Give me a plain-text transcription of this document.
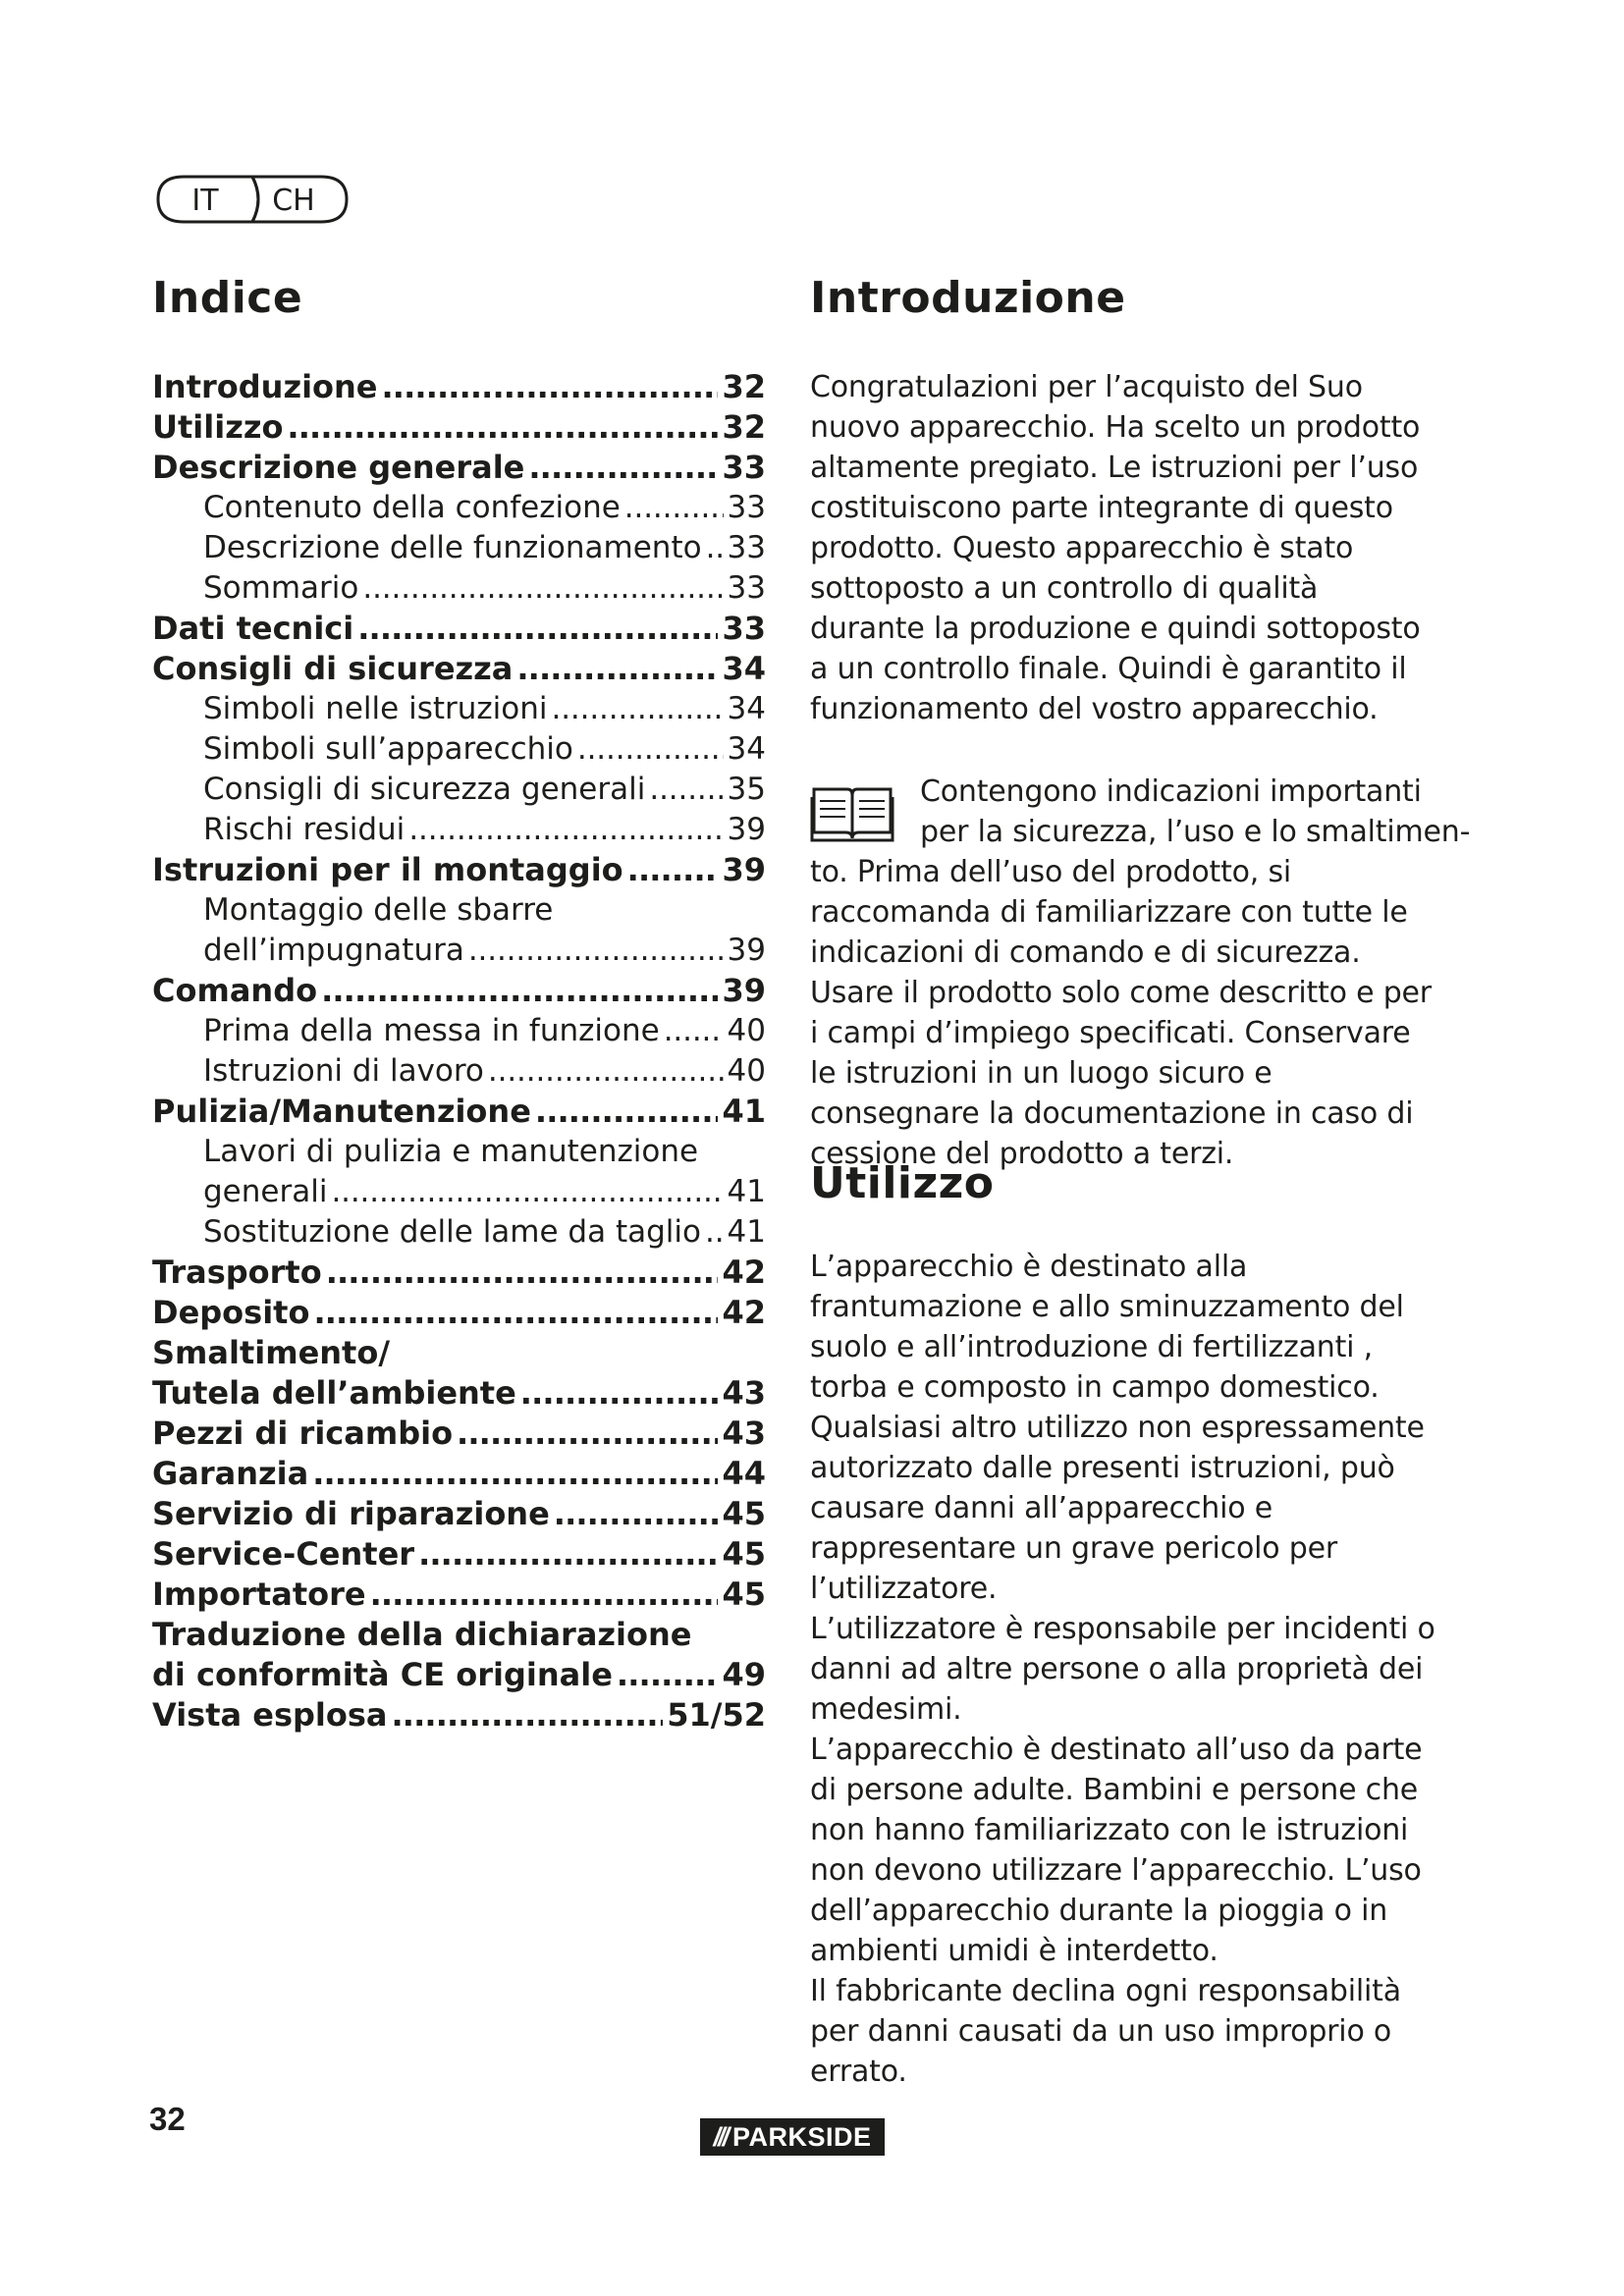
IT CH
Indice
Introduzione . . .	32
Utilizzo . . .	32
Descrizione generale . . .	33
Contenuto della confezione . . .	33
Descrizione delle funzionamento . . . 33
Sommario . . .	33
Dati tecnici . . .	33
Consigli di sicurezza . . .	34
Simboli nelle istruzioni . . .	34
Simboli sull’apparecchio . . .	34
Consigli di sicurezza generali . . .	35
Rischi residui . . .	39
Istruzioni per il montaggio . . .	39
Montaggio delle sbarre
dell’impugnatura . . .	39
Comando . . .	39
Prima della messa in funzione . . . 40
Istruzioni di lavoro . . .	40
Pulizia/Manutenzione . . .	41
Lavori di pulizia e manutenzione
generali . . .	41
Sostituzione delle lame da taglio . . . 41
Trasporto . . .	42
Deposito . . .	42
Smaltimento/
Tutela dell’ambiente . . .	43
Pezzi di ricambio . . .	43
Garanzia . . .	44
Servizio di riparazione . . .	45
Service-Center . . .	45
Importatore . . .	45
Traduzione della dichiarazione
di conformità CE originale . . .	49
Vista esplosa . . .	51/52
Introduzione

Congratulazioni per l’acquisto del Suo nuovo apparecchio. Ha scelto un prodotto altamente pregiato. Le istruzioni per l’uso costituiscono parte integrante di questo prodotto. Questo apparecchio è stato sottoposto a un controllo di qualità durante la produzione e quindi sottoposto a un controllo finale. Quindi è garantito il funzionamento del vostro apparecchio.

Contengono indicazioni importanti
per la sicurezza, l’uso e lo smaltimen-

to. Prima dell’uso del prodotto, si raccomanda di familiarizzare con tutte le indicazioni di comando e di sicurezza. Usare il prodotto solo come descritto e per i campi d’impiego specificati. Conservare le istruzioni in un luogo sicuro e consegnare la documentazione in caso di cessione del prodotto a terzi.

Utilizzo

L’apparecchio è destinato alla frantumazione e allo sminuzzamento del suolo e all’introduzione di fertilizzanti , torba e composto in campo domestico.

Qualsiasi altro utilizzo non espressamente autorizzato dalle presenti istruzioni, può causare danni all’apparecchio e rappresentare un grave pericolo per l’utilizzatore.

L’utilizzatore è responsabile per incidenti o danni ad altre persone o alla proprietà dei medesimi.

L’apparecchio è destinato all’uso da parte di persone adulte. Bambini e persone che non hanno familiarizzato con le istruzioni non devono utilizzare l’apparecchio. L’uso dell’apparecchio durante la pioggia o in ambienti umidi è interdetto.

Il fabbricante declina ogni responsabilità per danni causati da un uso improprio o errato.

32	/// PARKSIDE
